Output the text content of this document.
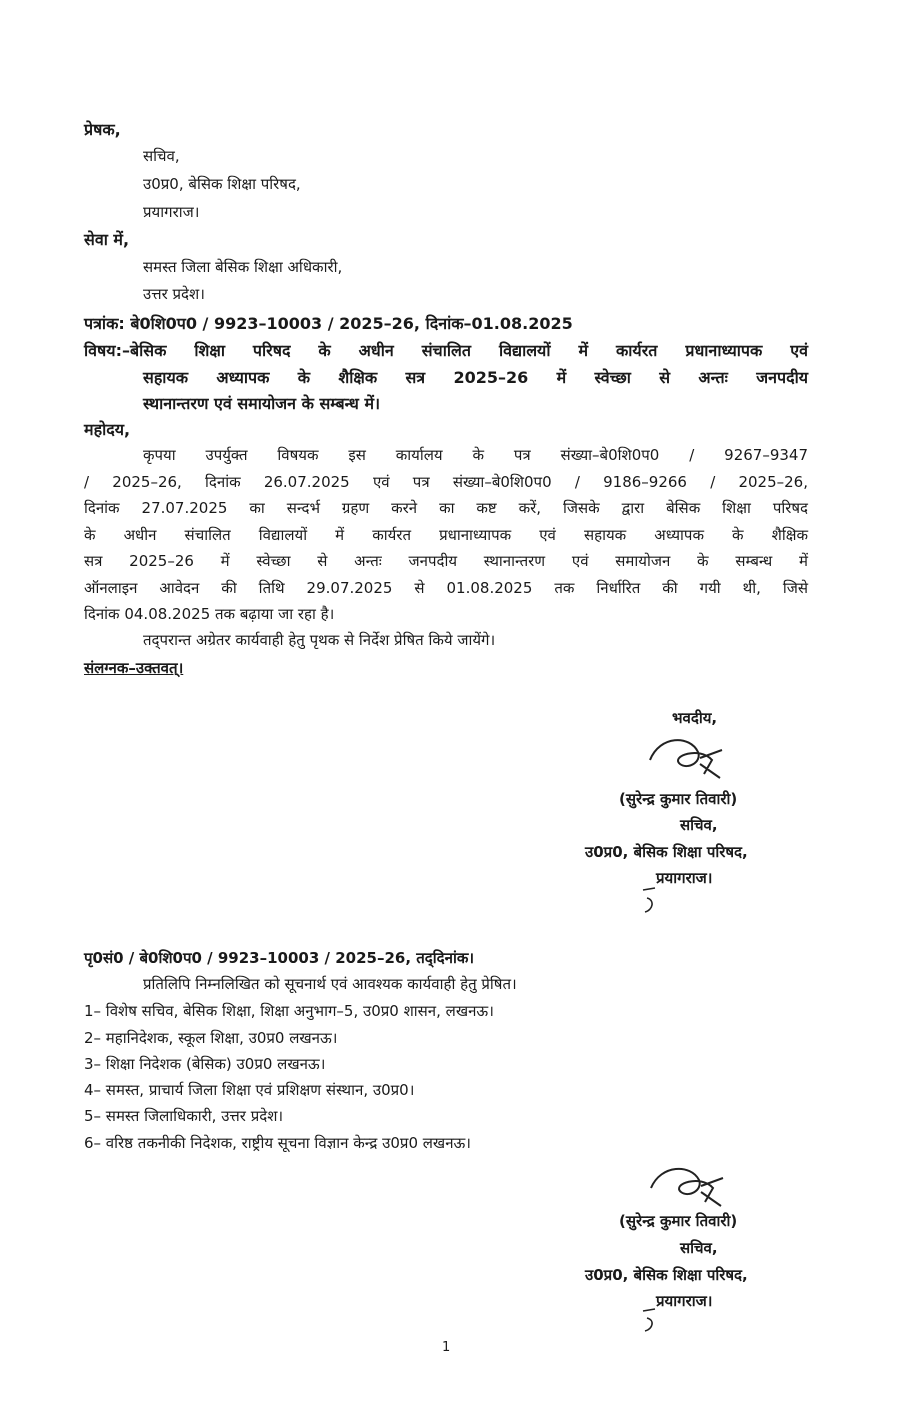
प्रेषक,
सचिव,
उ0प्र0, बेसिक शिक्षा परिषद,
प्रयागराज।
सेवा में,
समस्त जिला बेसिक शिक्षा अधिकारी,
उत्तर प्रदेश।
पत्रांक: बे0शि0प0 / 9923–10003 / 2025–26, दिनांक–01.08.2025
विषय:–बेसिक शिक्षा परिषद के अधीन संचालित विद्यालयों में कार्यरत प्रधानाध्यापक एवं
सहायक अध्यापक के शैक्षिक सत्र 2025–26 में स्वेच्छा से अन्तः जनपदीय
स्थानान्तरण एवं समायोजन के सम्बन्ध में।
महोदय,
कृपया उपर्युक्त विषयक इस कार्यालय के पत्र संख्या–बे0शि0प0 / 9267–9347
/ 2025–26, दिनांक 26.07.2025 एवं पत्र संख्या–बे0शि0प0 / 9186–9266 / 2025–26,
दिनांक 27.07.2025 का सन्दर्भ ग्रहण करने का कष्ट करें, जिसके द्वारा बेसिक शिक्षा परिषद
के अधीन संचालित विद्यालयों में कार्यरत प्रधानाध्यापक एवं सहायक अध्यापक के शैक्षिक
सत्र 2025–26 में स्वेच्छा से अन्तः जनपदीय स्थानान्तरण एवं समायोजन के सम्बन्ध में
ऑनलाइन आवेदन की तिथि 29.07.2025 से 01.08.2025 तक निर्धारित की गयी थी, जिसे
दिनांक 04.08.2025 तक बढ़ाया जा रहा है।
तद्‌परान्त अग्रेतर कार्यवाही हेतु पृथक से निर्देश प्रेषित किये जायेंगे।
संलग्नक–उक्तवत्।
भवदीय,
(सुरेन्द्र कुमार तिवारी)
सचिव,
उ0प्र0, बेसिक शिक्षा परिषद,
प्रयागराज।
पृ0सं0 / बे0शि0प0 / 9923–10003 / 2025–26, तद्‌दिनांक।
प्रतिलिपि निम्नलिखित को सूचनार्थ एवं आवश्यक कार्यवाही हेतु प्रेषित।
1– विशेष सचिव, बेसिक शिक्षा, शिक्षा अनुभाग–5, उ0प्र0 शासन, लखनऊ।
2– महानिदेशक, स्कूल शिक्षा, उ0प्र0 लखनऊ।
3– शिक्षा निदेशक (बेसिक) उ0प्र0 लखनऊ।
4– समस्त, प्राचार्य जिला शिक्षा एवं प्रशिक्षण संस्थान, उ0प्र0।
5– समस्त जिलाधिकारी, उत्तर प्रदेश।
6– वरिष्ठ तकनीकी निदेशक, राष्ट्रीय सूचना विज्ञान केन्द्र उ0प्र0 लखनऊ।
(सुरेन्द्र कुमार तिवारी)
सचिव,
उ0प्र0, बेसिक शिक्षा परिषद,
प्रयागराज।
1
